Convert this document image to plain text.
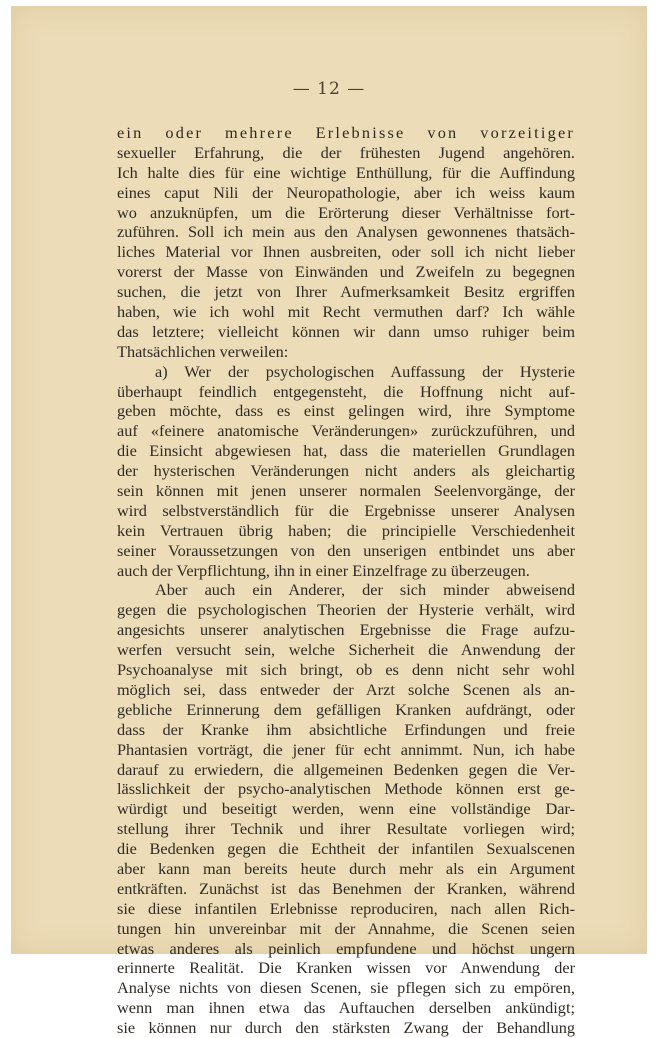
— 12 —
ein oder mehrere Erlebnisse von vorzeitiger
sexueller Erfahrung, die der frühesten Jugend angehören.
Ich halte dies für eine wichtige Enthüllung, für die Auffindung
eines caput Nili der Neuropathologie, aber ich weiss kaum
wo anzuknüpfen, um die Erörterung dieser Verhältnisse fort-
zuführen. Soll ich mein aus den Analysen gewonnenes thatsäch-
liches Material vor Ihnen ausbreiten, oder soll ich nicht lieber
vorerst der Masse von Einwänden und Zweifeln zu begegnen
suchen, die jetzt von Ihrer Aufmerksamkeit Besitz ergriffen
haben, wie ich wohl mit Recht vermuthen darf? Ich wähle
das letztere; vielleicht können wir dann umso ruhiger beim
Thatsächlichen verweilen:
a) Wer der psychologischen Auffassung der Hysterie
überhaupt feindlich entgegensteht, die Hoffnung nicht auf-
geben möchte, dass es einst gelingen wird, ihre Symptome
auf «feinere anatomische Veränderungen» zurückzuführen, und
die Einsicht abgewiesen hat, dass die materiellen Grundlagen
der hysterischen Veränderungen nicht anders als gleichartig
sein können mit jenen unserer normalen Seelenvorgänge, der
wird selbstverständlich für die Ergebnisse unserer Analysen
kein Vertrauen übrig haben; die principielle Verschiedenheit
seiner Voraussetzungen von den unserigen entbindet uns aber
auch der Verpflichtung, ihn in einer Einzelfrage zu überzeugen.
Aber auch ein Anderer, der sich minder abweisend
gegen die psychologischen Theorien der Hysterie verhält, wird
angesichts unserer analytischen Ergebnisse die Frage aufzu-
werfen versucht sein, welche Sicherheit die Anwendung der
Psychoanalyse mit sich bringt, ob es denn nicht sehr wohl
möglich sei, dass entweder der Arzt solche Scenen als an-
gebliche Erinnerung dem gefälligen Kranken aufdrängt, oder
dass der Kranke ihm absichtliche Erfindungen und freie
Phantasien vorträgt, die jener für echt annimmt. Nun, ich habe
darauf zu erwiedern, die allgemeinen Bedenken gegen die Ver-
lässlichkeit der psycho-analytischen Methode können erst ge-
würdigt und beseitigt werden, wenn eine vollständige Dar-
stellung ihrer Technik und ihrer Resultate vorliegen wird;
die Bedenken gegen die Echtheit der infantilen Sexualscenen
aber kann man bereits heute durch mehr als ein Argument
entkräften. Zunächst ist das Benehmen der Kranken, während
sie diese infantilen Erlebnisse reproduciren, nach allen Rich-
tungen hin unvereinbar mit der Annahme, die Scenen seien
etwas anderes als peinlich empfundene und höchst ungern
erinnerte Realität. Die Kranken wissen vor Anwendung der
Analyse nichts von diesen Scenen, sie pflegen sich zu empören,
wenn man ihnen etwa das Auftauchen derselben ankündigt;
sie können nur durch den stärksten Zwang der Behandlung
